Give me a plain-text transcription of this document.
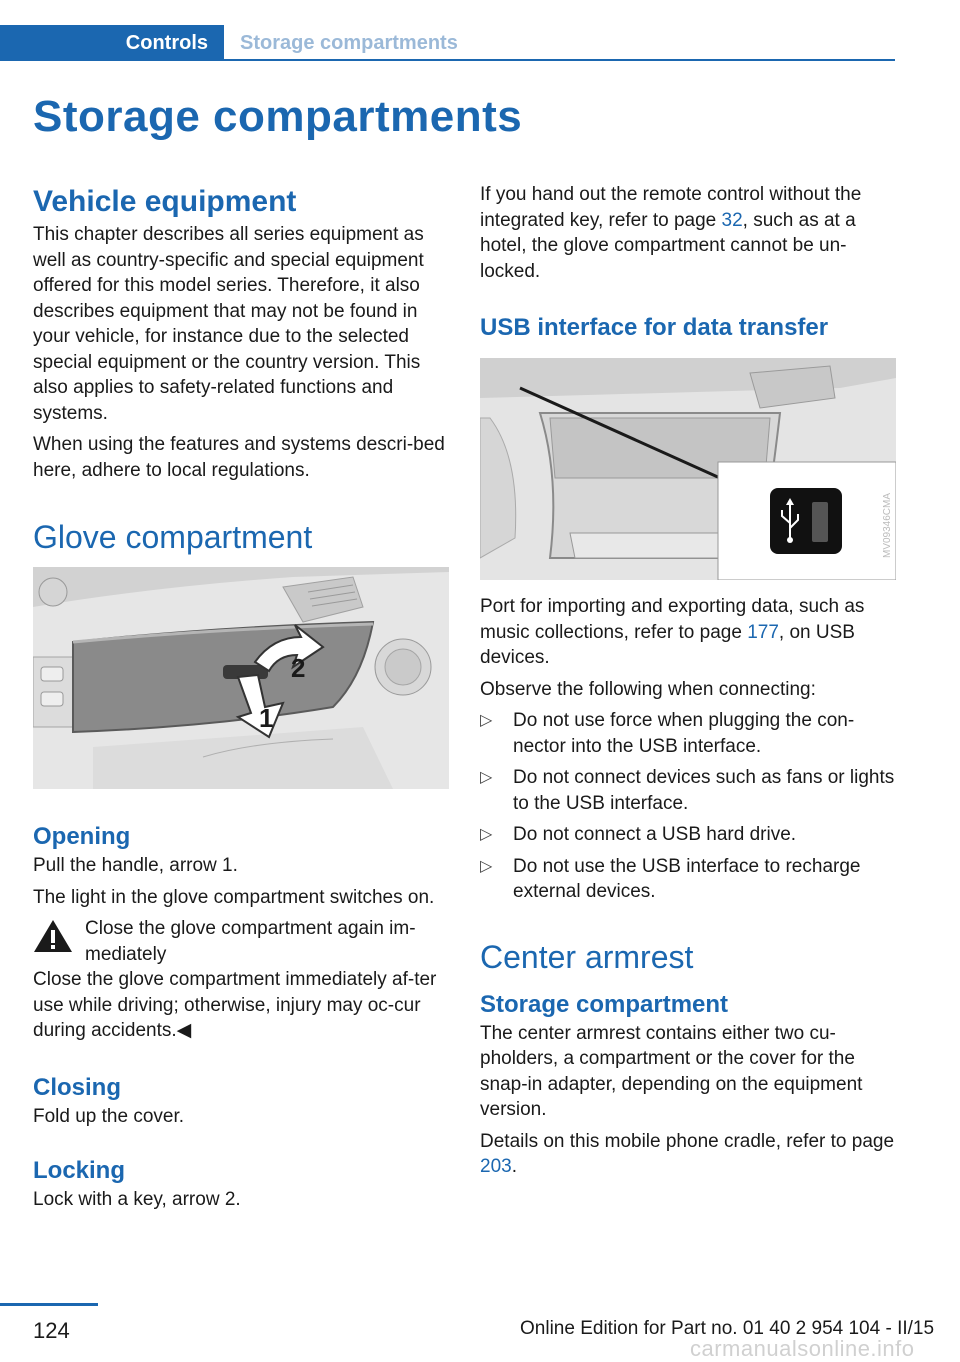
Controls	Storage compartments
Storage compartments
Vehicle equipment

This chapter describes all series equipment as well as country-specific and special equipment offered for this model series. Therefore, it also describes equipment that may not be found in your vehicle, for instance due to the selected special equipment or the country version. This also applies to safety-related functions and systems.

When using the features and systems descri‐bed here, adhere to local regulations.

Glove compartment
2
1
Opening

Pull the handle, arrow 1.

The light in the glove compartment switches on.

Close the glove compartment again im‐mediately

Close the glove compartment immediately af‐ter use while driving; otherwise, injury may oc‐cur during accidents.◀

Closing

Fold up the cover.

Locking

Lock with a key, arrow 2.

If you hand out the remote control without the integrated key, refer to page 32, such as at a hotel, the glove compartment cannot be un‐locked.

USB interface for data transfer
MV09346CMA

Port for importing and exporting data, such as music collections, refer to page 177, on USB devices.

Observe the following when connecting:

▷ Do not use force when plugging the con‐nector into the USB interface.
▷ Do not connect devices such as fans or lights to the USB interface.
▷ Do not connect a USB hard drive.
▷ Do not use the USB interface to recharge external devices.
Center armrest
Storage compartment

The center armrest contains either two cu‐pholders, a compartment or the cover for the snap-in adapter, depending on the equipment version.

Details on this mobile phone cradle, refer to page 203.

124	Online Edition for Part no. 01 40 2 954 104 - II/15
carmanualsonline.info
